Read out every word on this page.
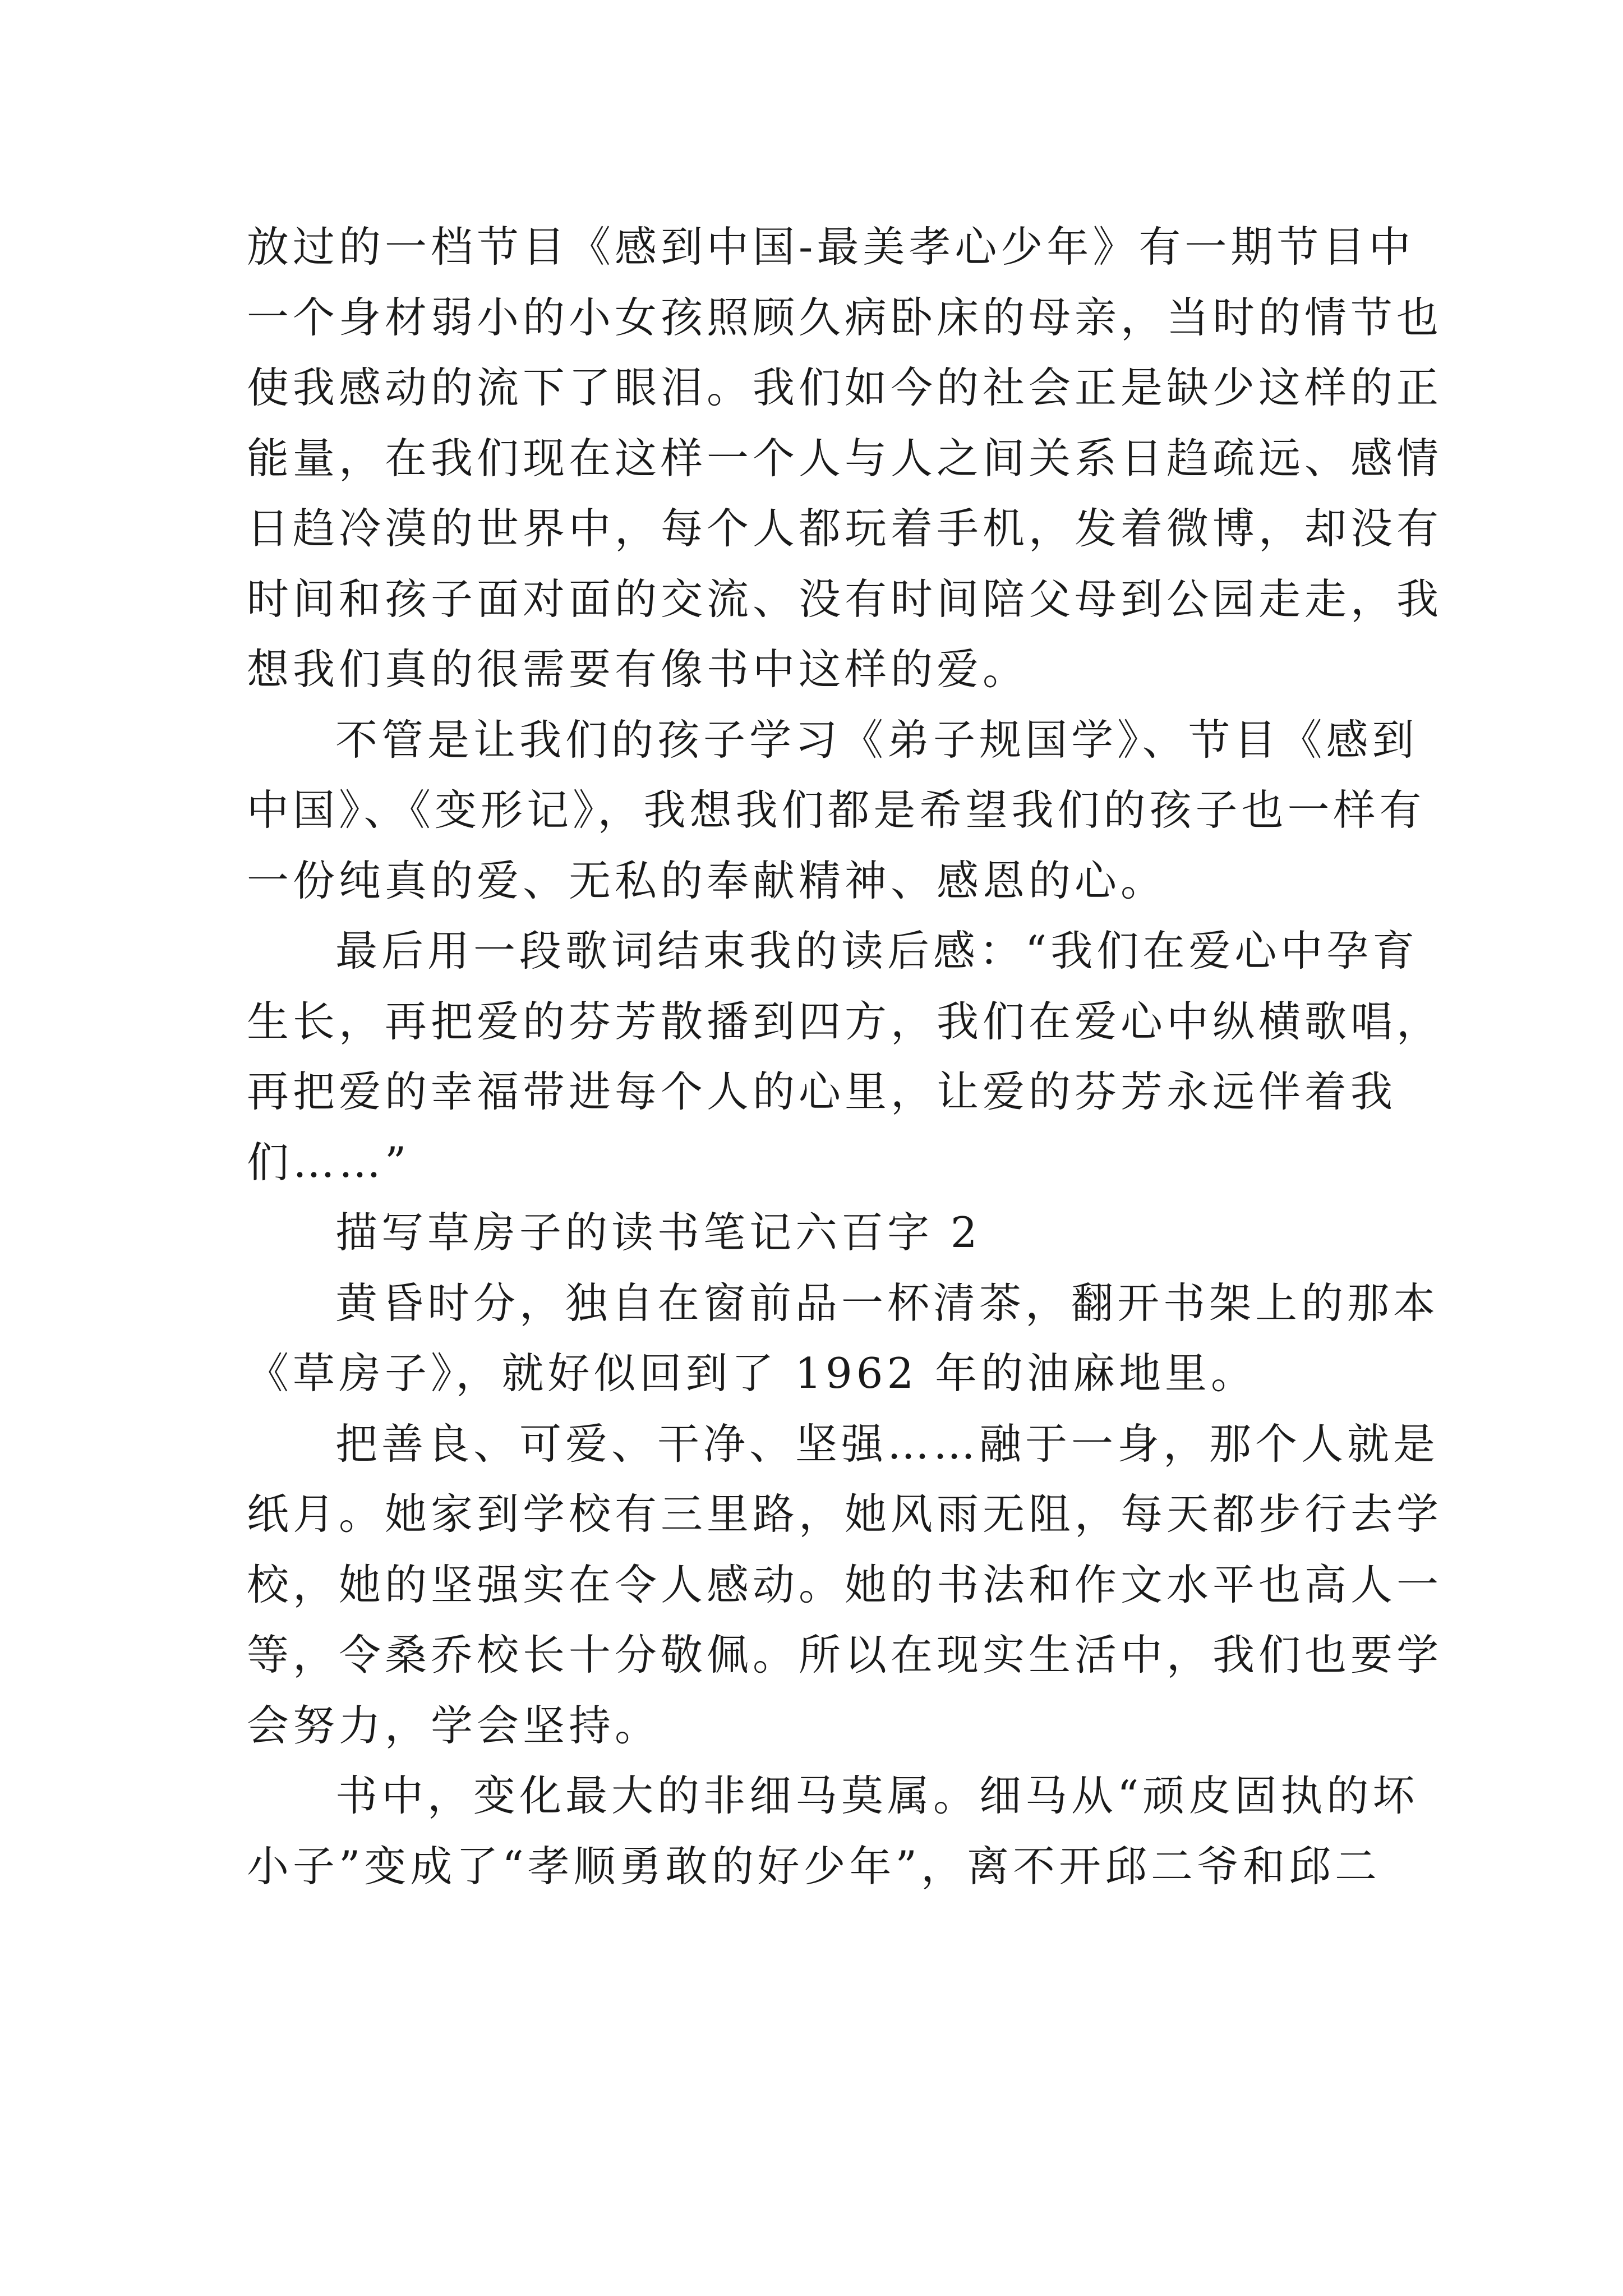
放过的一档节目《感到中国-最美孝心少年》有一期节目中
一个身材弱小的小女孩照顾久病卧床的母亲，当时的情节也
使我感动的流下了眼泪。我们如今的社会正是缺少这样的正
能量，在我们现在这样一个人与人之间关系日趋疏远、感情
日趋冷漠的世界中，每个人都玩着手机，发着微博，却没有
时间和孩子面对面的交流、没有时间陪父母到公园走走，我
想我们真的很需要有像书中这样的爱。
不管是让我们的孩子学习《弟子规国学》、节目《感到
中国》、《变形记》，我想我们都是希望我们的孩子也一样有
一份纯真的爱、无私的奉献精神、感恩的心。
最后用一段歌词结束我的读后感：“我们在爱心中孕育
生长，再把爱的芬芳散播到四方，我们在爱心中纵横歌唱，
再把爱的幸福带进每个人的心里，让爱的芬芳永远伴着我
们……”
描写草房子的读书笔记六百字 2
黄昏时分，独自在窗前品一杯清茶，翻开书架上的那本
《草房子》，就好似回到了 1962 年的油麻地里。
把善良、可爱、干净、坚强……融于一身，那个人就是
纸月。她家到学校有三里路，她风雨无阻，每天都步行去学
校，她的坚强实在令人感动。她的书法和作文水平也高人一
等，令桑乔校长十分敬佩。所以在现实生活中，我们也要学
会努力，学会坚持。
书中，变化最大的非细马莫属。细马从“顽皮固执的坏
小子”变成了“孝顺勇敢的好少年”，离不开邱二爷和邱二
